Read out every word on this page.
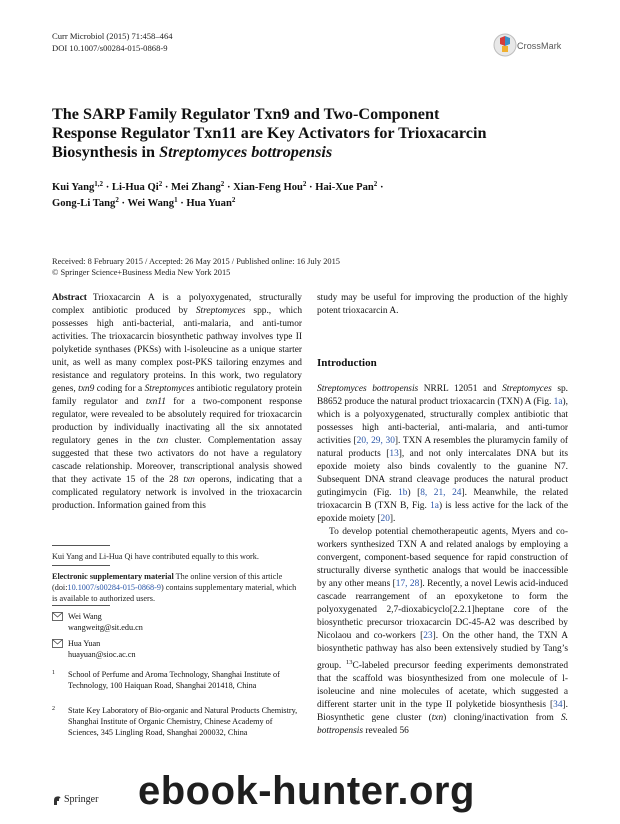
Curr Microbiol (2015) 71:458–464
DOI 10.1007/s00284-015-0868-9	CrossMark
The SARP Family Regulator Txn9 and Two-Component Response Regulator Txn11 are Key Activators for Trioxacarcin Biosynthesis in Streptomyces bottropensis
Kui Yang$^{1,2}$ · Li-Hua $Qi^2$ · Mei Zhang$^2$ · Xian-Feng Hou$^2$ · Hai-Xue Pan$^2$ ·
Gong-Li Tang$^2$ · Wei Wang$^1$ · Hua Yuan$^2$
Received: 8 February 2015 / Accepted: 26 May 2015 / Published online: 16 July 2015
© Springer Science+Business Media New York 2015
Abstract Trioxacarcin A is a polyoxygenated, structurally complex antibiotic produced by Streptomyces spp., which possesses high anti-bacterial, anti-malaria, and anti-tumor activities. The trioxacarcin biosynthetic pathway involves type II polyketide synthases (PKSs) with l-isoleucine as a unique starter unit, as well as many complex post-PKS tailoring enzymes and resistance and regulatory proteins. In this work, two regulatory genes, txn9 coding for a Streptomyces antibiotic regulatory protein family regulator and txn11 for a two-component response regulator, were revealed to be absolutely required for trioxacarcin production by individually inactivating all the six annotated regulatory genes in the txn cluster. Complementation assay suggested that these two activators do not have a regulatory cascade relationship. Moreover, transcriptional analysis showed that they activate 15 of the 28 txn operons, indicating that a complicated regulatory network is involved in the trioxacarcin production. Information gained from this
study may be useful for improving the production of the highly potent trioxacarcin A.
Introduction

Streptomyces bottropensis NRRL 12051 and Streptomyces sp. B8652 produce the natural product trioxacarcin (TXN) A (Fig. 1a), which is a polyoxygenated, structurally complex antibiotic that possesses high anti-bacterial, anti-malaria, and anti-tumor activities [20, 29, 30]. TXN A resembles the pluramycin family of natural products [13], and not only intercalates DNA but its epoxide moiety also binds covalently to the guanine N7. Subsequent DNA strand cleavage produces the natural product gutingimycin (Fig. 1b) [8, 21, 24]. Meanwhile, the related trioxacarcin B (TXN B, Fig. 1a) is less active for the lack of the epoxide moiety [20].

To develop potential chemotherapeutic agents, Myers and co-workers synthesized TXN A and related analogs by employing a convergent, component-based sequence for rapid construction of structurally diverse synthetic analogs that would be inaccessible by any other means [17, 28]. Recently, a novel Lewis acid-induced cascade rearrangement of an epoxyketone to form the polyoxygenated 2,7-dioxabicyclo[2.2.1]heptane core of the biosynthetic precursor trioxacarcin DC-45-A2 was described by Nicolaou and co-workers [23]. On the other hand, the TXN A biosynthetic pathway has also been extensively studied by Tang’s group. $^{13}$C-labeled precursor feeding experiments demonstrated that the scaffold was biosynthesized from one molecule of l-isoleucine and nine molecules of acetate, which suggested a different starter unit in the type II polyketide biosynthesis [34]. Biosynthetic gene cluster (txn) cloning/inactivation from S. bottropensis revealed 56

Kui Yang and Li-Hua Qi have contributed equally to this work.
Electronic supplementary material The online version of this article (doi:10.1007/s00284-015-0868-9) contains supplementary material, which is available to authorized users.
Wei Wang
wangweitg@sit.edu.cn
Hua Yuan
huayuan@sioc.ac.cn
1 School of Perfume and Aroma Technology, Shanghai Institute of Technology, 100 Haiquan Road, Shanghai 201418, China
2 State Key Laboratory of Bio-organic and Natural Products Chemistry, Shanghai Institute of Organic Chemistry, Chinese Academy of Sciences, 345 Lingling Road, Shanghai 200032, China
Springer ebook-hunter.org
